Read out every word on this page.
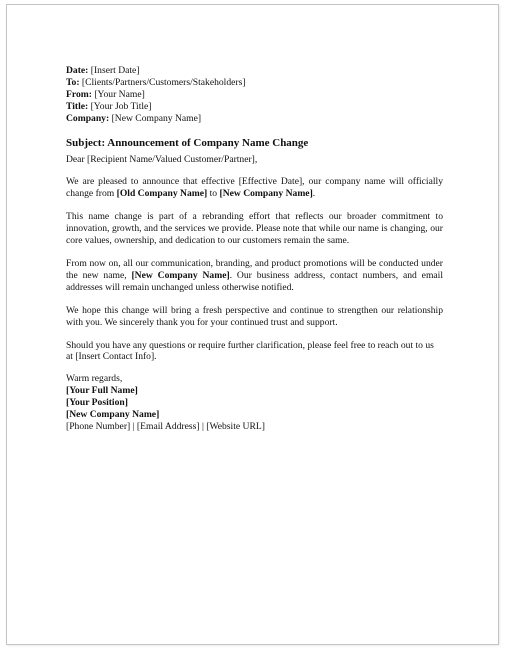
Date: [Insert Date]
To: [Clients/Partners/Customers/Stakeholders]
From: [Your Name]
Title: [Your Job Title]
Company: [New Company Name]
Subject: Announcement of Company Name Change
Dear [Recipient Name/Valued Customer/Partner],
We are pleased to announce that effective [Effective Date], our company name will officially change from [Old Company Name] to [New Company Name].
This name change is part of a rebranding effort that reflects our broader commitment to innovation, growth, and the services we provide. Please note that while our name is changing, our core values, ownership, and dedication to our customers remain the same.
From now on, all our communication, branding, and product promotions will be conducted under the new name, [New Company Name]. Our business address, contact numbers, and email addresses will remain unchanged unless otherwise notified.
We hope this change will bring a fresh perspective and continue to strengthen our relationship with you. We sincerely thank you for your continued trust and support.
Should you have any questions or require further clarification, please feel free to reach out to us at [Insert Contact Info].
Warm regards,
[Your Full Name]
[Your Position]
[New Company Name]
[Phone Number] | [Email Address] | [Website URL]
